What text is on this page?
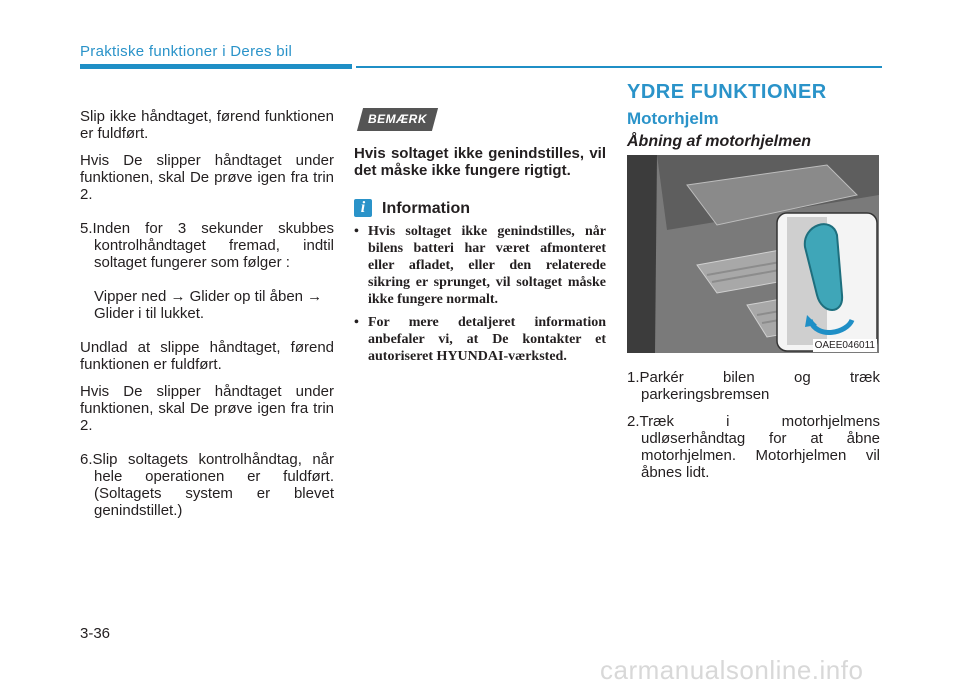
Praktiske funktioner i Deres bil

Slip ikke håndtaget, førend funktionen er fuldført.

Hvis De slipper håndtaget under funktionen, skal De prøve igen fra trin 2.

5.Inden for 3 sekunder skubbes kontrolhåndtaget fremad, indtil soltaget fungerer som følger :

Vipper ned → Glider op til åben → Glider i til lukket.

Undlad at slippe håndtaget, førend funktionen er fuldført.

Hvis De slipper håndtaget under funktionen, skal De prøve igen fra trin 2.

6.Slip soltagets kontrolhåndtag, når hele operationen er fuldført. (Soltagets system er blevet genindstillet.)

BEMÆRK

Hvis soltaget ikke genindstilles, vil det måske ikke fungere rigtigt.

i	Information
• Hvis soltaget ikke genindstilles, når bilens batteri har været afmonteret eller afladet, eller den relaterede sikring er sprunget, vil soltaget måske ikke fungere normalt.
• For mere detaljeret information anbefaler vi, at De kontakter et autoriseret HYUNDAI-værksted.
YDRE FUNKTIONER
Motorhjelm
Åbning af motorhjelmen
OAEE046011

1.Parkér bilen og træk parkeringsbremsen

2.Træk i motorhjelmens udløserhåndtag for at åbne motorhjelmen. Motorhjelmen vil åbnes lidt.

3-36
carmanualsonline.info
